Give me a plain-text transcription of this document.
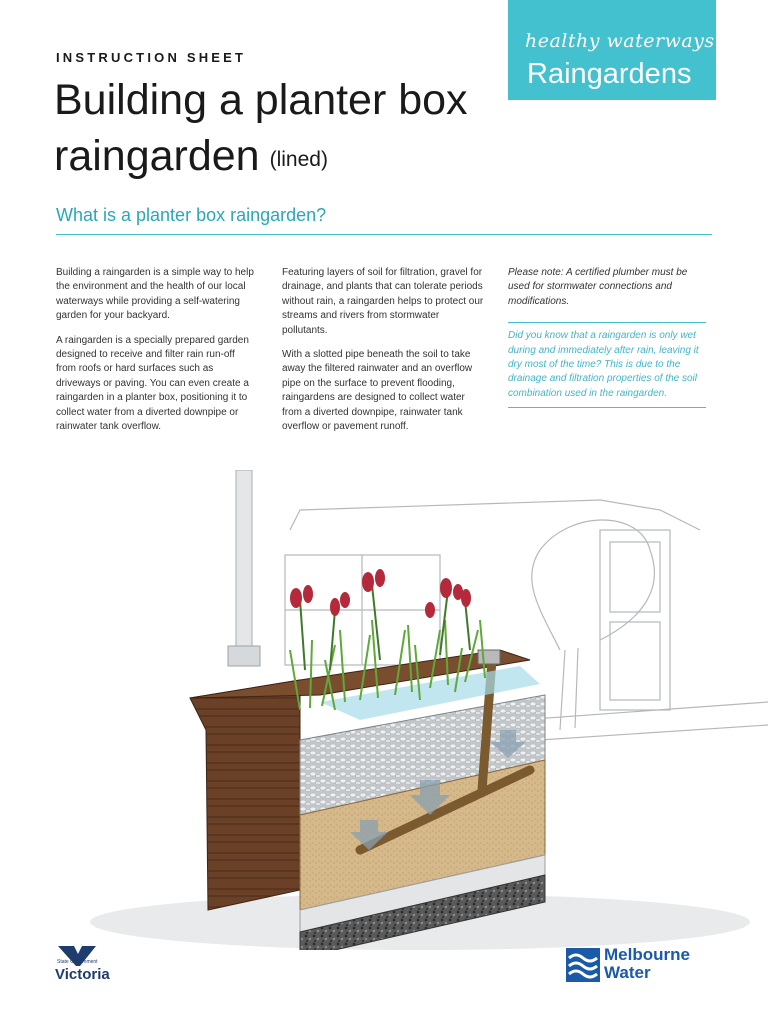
healthy waterways
Raingardens
INSTRUCTION SHEET
Building a planter box
raingarden (lined)
What is a planter box raingarden?

Building a raingarden is a simple way to help the environment and the health of our local waterways while providing a self-watering garden for your backyard.

A raingarden is a specially prepared garden designed to receive and filter rain run-off from roofs or hard surfaces such as driveways or paving. You can even create a raingarden in a planter box, positioning it to collect water from a diverted downpipe or rainwater tank overflow.

Featuring layers of soil for filtration, gravel for drainage, and plants that can tolerate periods without rain, a raingarden helps to protect our streams and rivers from stormwater pollutants.

With a slotted pipe beneath the soil to take away the filtered rainwater and an overflow pipe on the surface to prevent flooding, raingardens are designed to collect water from a diverted downpipe, rainwater tank overflow or pavement runoff.

Please note: A certified plumber must be used for stormwater connections and modifications.

Did you know that a raingarden is only wet during and immediately after rain, leaving it dry most of the time? This is due to the drainage and filtration properties of the soil combination used in the raingarden.

State Government
Victoria
Melbourne
Water
